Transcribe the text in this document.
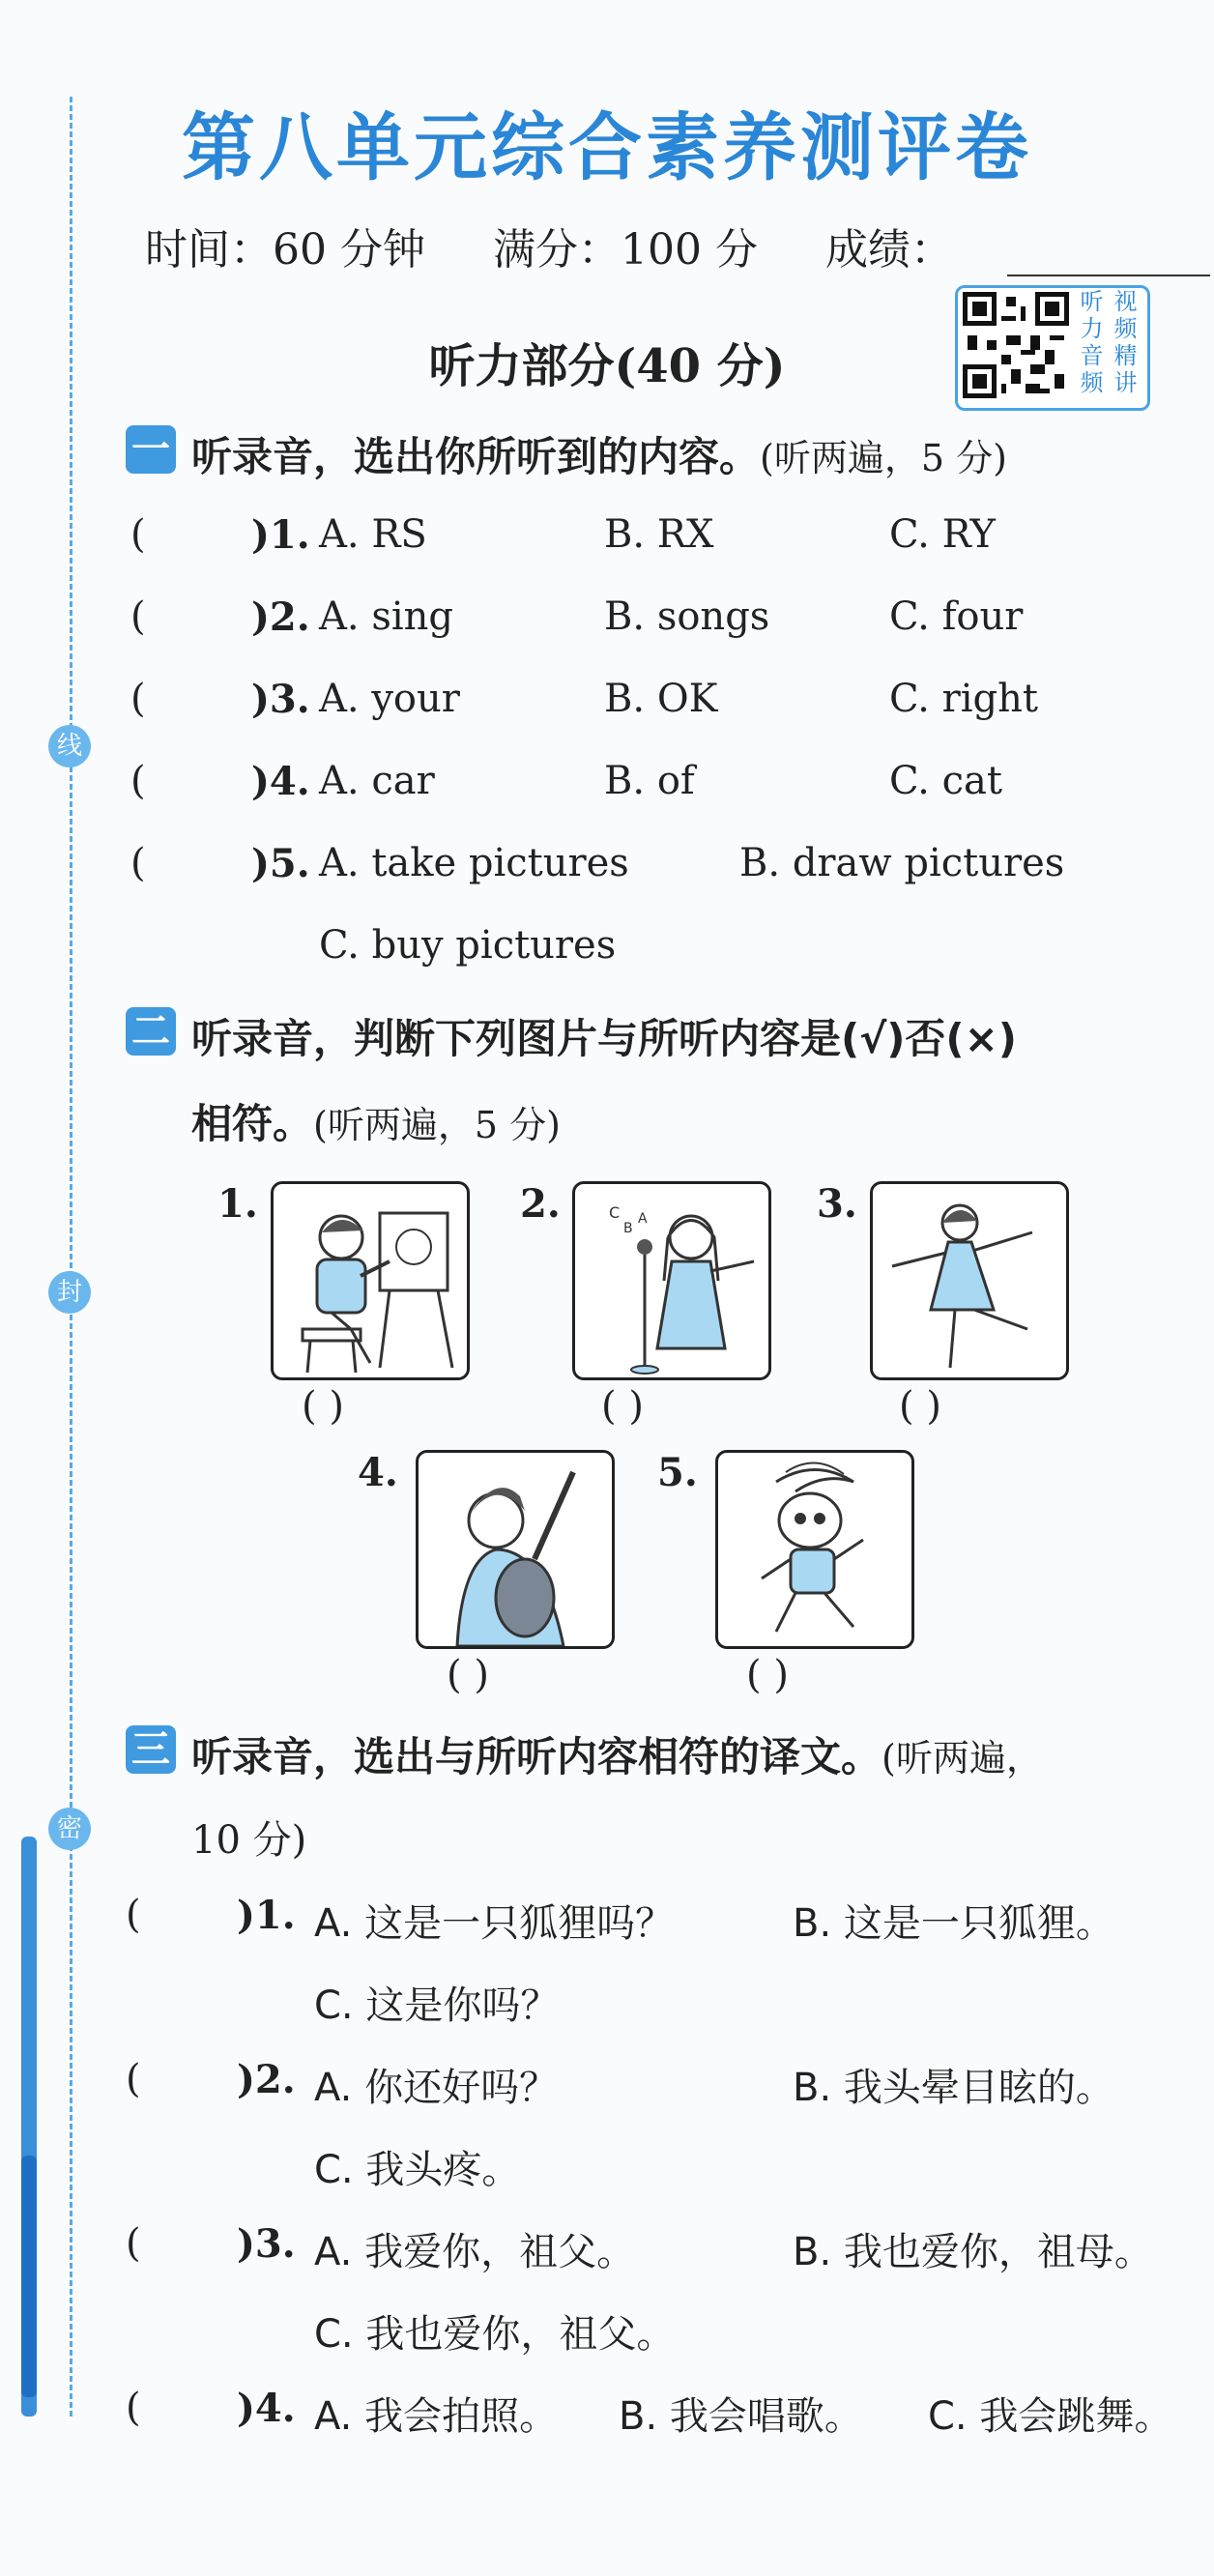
线
封
密
第八单元综合素养测评卷
时间：60 分钟 满分：100 分 成绩：
听 视
力 频
音 精
频 讲
听力部分(40 分)
一 听录音，选出你所听到的内容。(听两遍，5 分)
(	)1. A. RS	B. RX	C. RY
(	)2. A. sing	B. songs	C. four
(	)3. A. your	B. OK	C. right
(	)4. A. car	B. of	C. cat
(	)5. A. take pictures	B. draw pictures
C. buy pictures
二 听录音，判断下列图片与所听内容是(√)否(×)
相符。(听两遍，5 分)
1.
( )
2.	C
B
A
( )
3.
( )
4.
( )
5.
( )
三 听录音，选出与所听内容相符的译文。(听两遍，
10 分)
( )1. A. 这是一只狐狸吗？	B. 这是一只狐狸。
C. 这是你吗？
( )2. A. 你还好吗？	B. 我头晕目眩的。
C. 我头疼。
( )3. A. 我爱你，祖父。	B. 我也爱你，祖母。
C. 我也爱你，祖父。
( )4. A. 我会拍照。 B. 我会唱歌。 C. 我会跳舞。
